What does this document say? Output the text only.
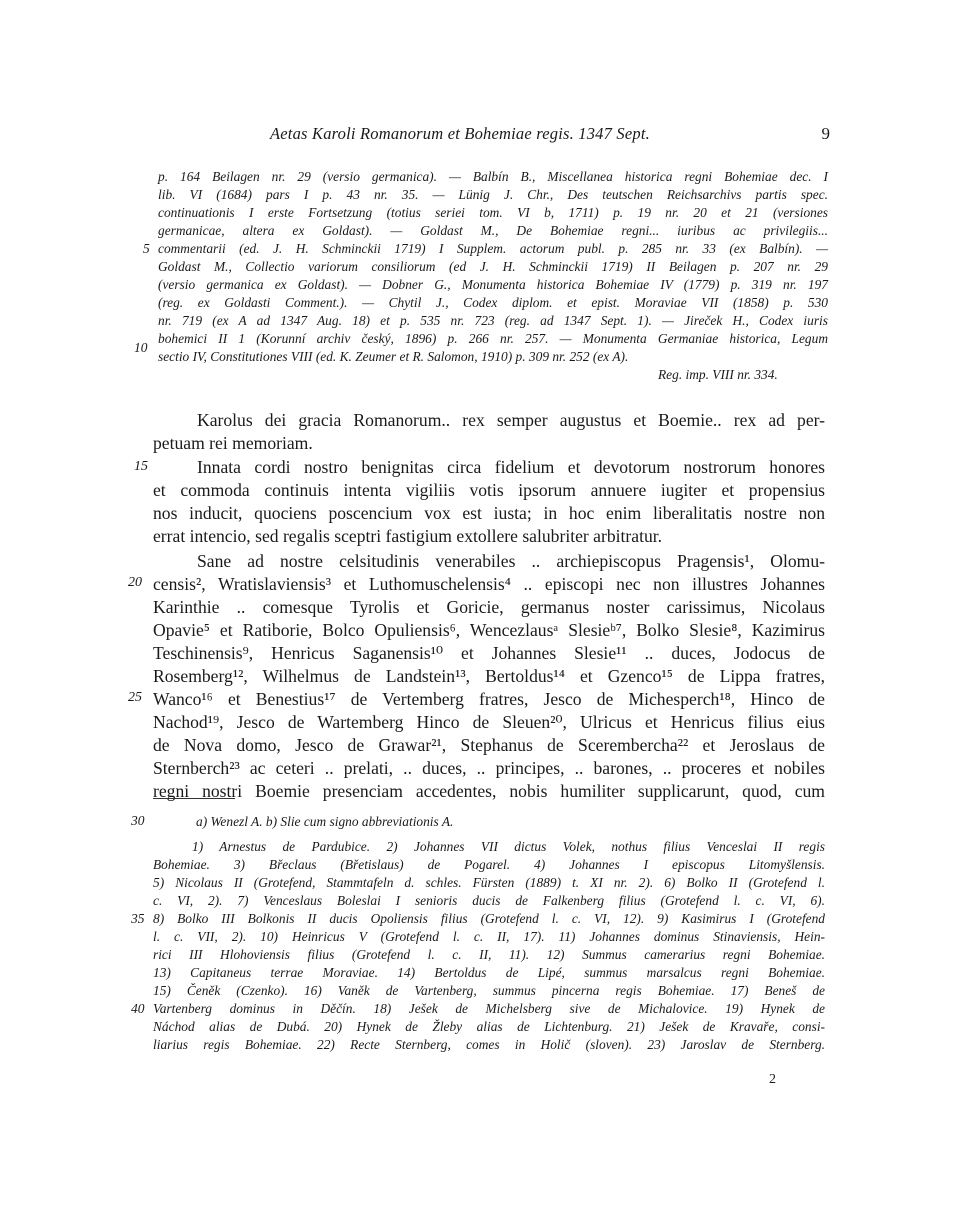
Aetas Karoli Romanorum et Bohemiae regis. 1347 Sept.	9
p. 164 Beilagen nr. 29 (versio germanica). — Balbín B., Miscellanea historica regni Bohemiae dec. I
lib. VI (1684) pars I p. 43 nr. 35. — Lünig J. Chr., Des teutschen Reichsarchivs partis spec.
continuationis I erste Fortsetzung (totius seriei tom. VI b, 1711) p. 19 nr. 20 et 21 (versiones
germanicae, altera ex Goldast). — Goldast M., De Bohemiae regni... iuribus ac privilegiis...
commentarii (ed. J. H. Schminckii 1719) I Supplem. actorum publ. p. 285 nr. 33 (ex Balbín). —
Goldast M., Collectio variorum consiliorum (ed J. H. Schminckii 1719) II Beilagen p. 207 nr. 29
(versio germanica ex Goldast). — Dobner G., Monumenta historica Bohemiae IV (1779) p. 319 nr. 197
(reg. ex Goldasti Comment.). — Chytil J., Codex diplom. et epist. Moraviae VII (1858) p. 530
nr. 719 (ex A ad 1347 Aug. 18) et p. 535 nr. 723 (reg. ad 1347 Sept. 1). — Jireček H., Codex iuris
bohemici II 1 (Korunní archiv český, 1896) p. 266 nr. 257. — Monumenta Germaniae historica, Legum
sectio IV, Constitutiones VIII (ed. K. Zeumer et R. Salomon, 1910) p. 309 nr. 252 (ex A).
Reg. imp. VIII nr. 334.
Karolus dei gracia Romanorum.. rex semper augustus et Boemie.. rex ad per-
petuam rei memoriam.
Innata cordi nostro benignitas circa fidelium et devotorum nostrorum honores
et commoda continuis intenta vigiliis votis ipsorum annuere iugiter et propensius
nos inducit, quociens poscencium vox est iusta; in hoc enim liberalitatis nostre non
errat intencio, sed regalis sceptri fastigium extollere salubriter arbitratur.
Sane ad nostre celsitudinis venerabiles .. archiepiscopus Pragensis¹, Olomu-
censis², Wratislaviensis³ et Luthomuschelensis⁴ .. episcopi nec non illustres Johannes
Karinthie .. comesque Tyrolis et Goricie, germanus noster carissimus, Nicolaus
Opavie⁵ et Ratiborie, Bolco Opuliensis⁶, Wencezlausᵃ Slesieᵇ⁷, Bolko Slesie⁸, Kazimirus
Teschinensis⁹, Henricus Saganensis¹⁰ et Johannes Slesie¹¹ .. duces, Jodocus de
Rosemberg¹², Wilhelmus de Landstein¹³, Bertoldus¹⁴ et Gzenco¹⁵ de Lippa fratres,
Wanco¹⁶ et Benestius¹⁷ de Vertemberg fratres, Jesco de Michesperch¹⁸, Hinco de
Nachod¹⁹, Jesco de Wartemberg Hinco de Sleuen²⁰, Ulricus et Henricus filius eius
de Nova domo, Jesco de Grawar²¹, Stephanus de Scerembercha²² et Jeroslaus de
Sternberch²³ ac ceteri .. prelati, .. duces, .. principes, .. barones, .. proceres et nobiles
regni nostri Boemie presenciam accedentes, nobis humiliter supplicarunt, quod, cum
a) Wenezl A. b) Slie cum signo abbreviationis A.
1) Arnestus de Pardubice. 2) Johannes VII dictus Volek, nothus filius Venceslai II regis
Bohemiae. 3) Břeclaus (Břetislaus) de Pogarel. 4) Johannes I episcopus Litomyšlensis.
5) Nicolaus II (Grotefend, Stammtafeln d. schles. Fürsten (1889) t. XI nr. 2). 6) Bolko II (Grotefend l.
c. VI, 2). 7) Venceslaus Boleslai I senioris ducis de Falkenberg filius (Grotefend l. c. VI, 6).
8) Bolko III Bolkonis II ducis Opoliensis filius (Grotefend l. c. VI, 12). 9) Kasimirus I (Grotefend
l. c. VII, 2). 10) Heinricus V (Grotefend l. c. II, 17). 11) Johannes dominus Stinaviensis, Hein-
rici III Hlohoviensis filius (Grotefend l. c. II, 11). 12) Summus camerarius regni Bohemiae.
13) Capitaneus terrae Moraviae. 14) Bertoldus de Lipé, summus marsalcus regni Bohemiae.
15) Čeněk (Czenko). 16) Vaněk de Vartenberg, summus pincerna regis Bohemiae. 17) Beneš de
Vartenberg dominus in Děčín. 18) Ješek de Michelsberg sive de Michalovice. 19) Hynek de
Náchod alias de Dubá. 20) Hynek de Žleby alias de Lichtenburg. 21) Ješek de Kravaře, consi-
liarius regis Bohemiae. 22) Recte Sternberg, comes in Holič (sloven). 23) Jaroslav de Sternberg.
5
10
15
20
25
30
35
40
2
